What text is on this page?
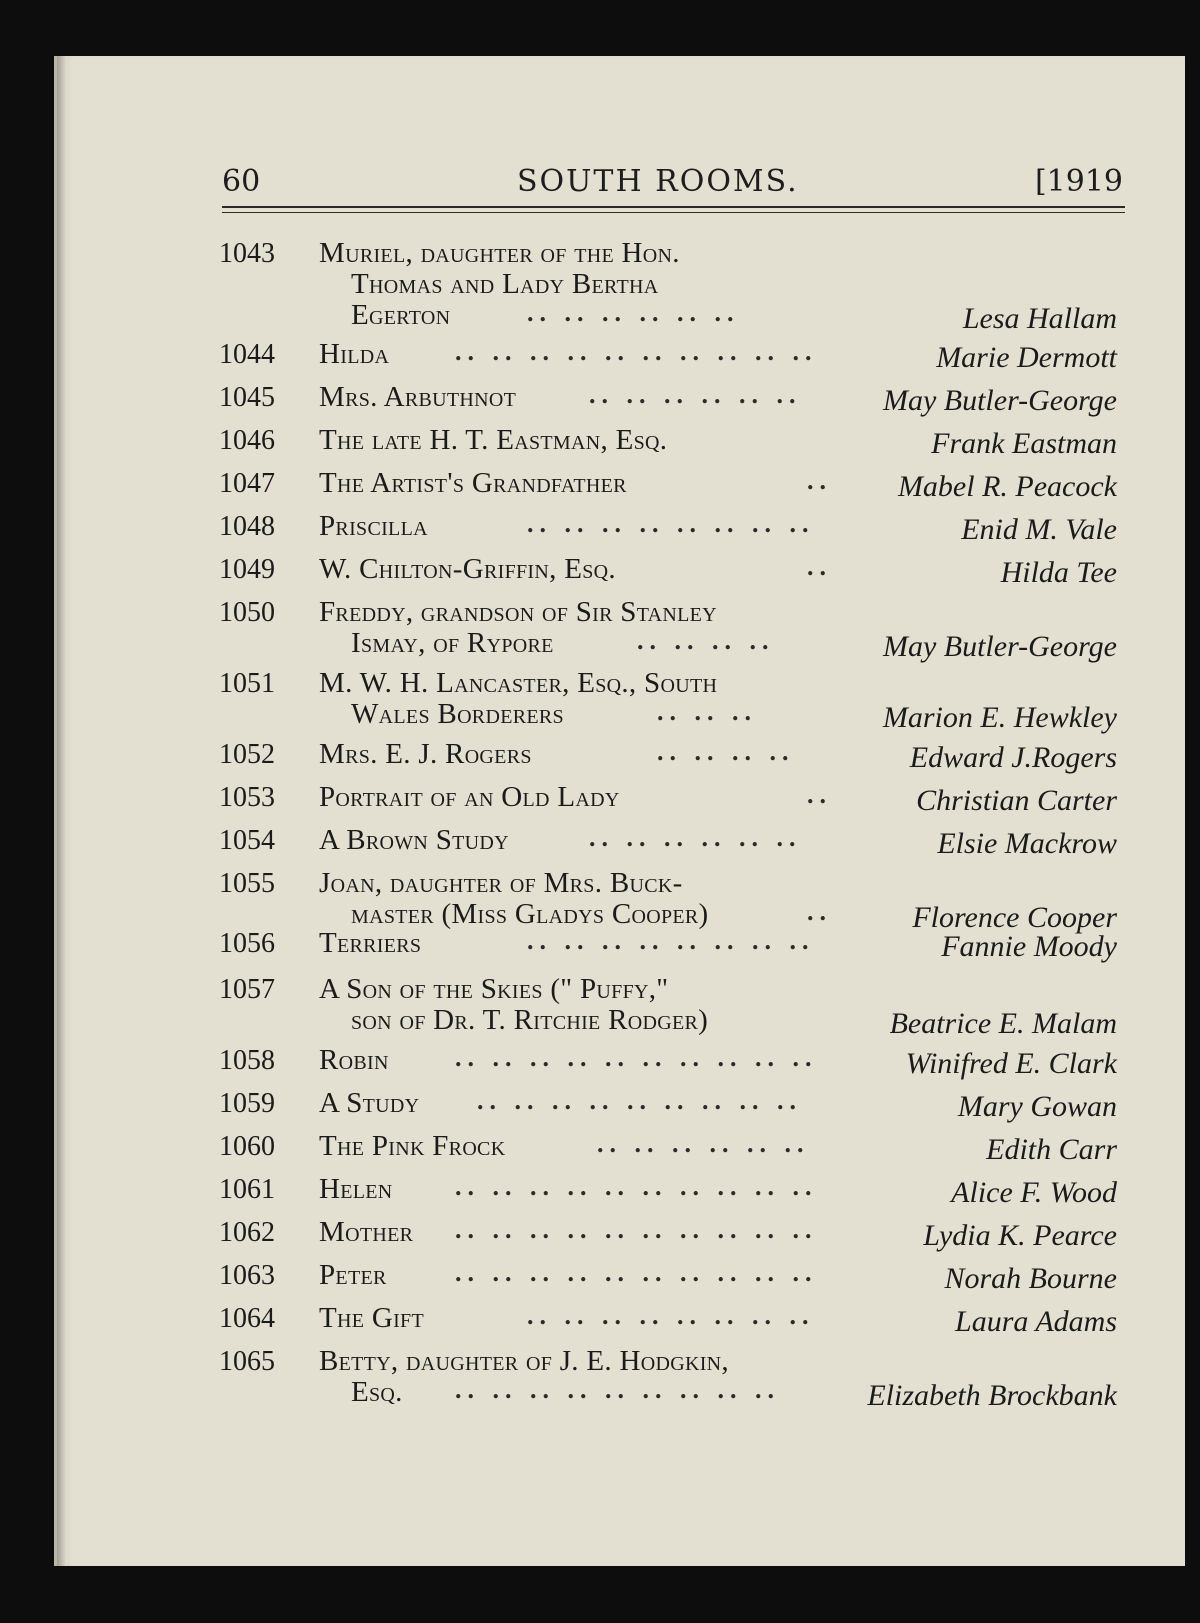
60	SOUTH ROOMS.	[1919
1043 Muriel, daughter of the Hon.

Thomas and Lady Bertha
Egerton	.. .. .. .. .. ..	Lesa Hallam
1044 Hilda	.. .. .. .. .. .. .. .. .. ..	Marie Dermott
1045 Mrs. Arbuthnot	.. .. .. .. .. ..	May Butler-George
1046 The late H. T. Eastman, Esq.	Frank Eastman
1047 The Artist's Grandfather	.. Mabel R. Peacock
1048 Priscilla	.. .. .. .. .. .. .. ..	Enid M. Vale
1049 W. Chilton-Griffin, Esq.	..	Hilda Tee
1050 Freddy, grandson of Sir Stanley

Ismay, of Rypore	.. .. .. ..	May Butler-George
1051 M. W. H. Lancaster, Esq., South

Wales Borderers	.. .. ..	Marion E. Hewkley
1052 Mrs. E. J. Rogers	.. .. .. ..	Edward J.Rogers
1053 Portrait of an Old Lady	..	Christian Carter
1054 A Brown Study	.. .. .. .. .. ..	Elsie Mackrow
1055 Joan, daughter of Mrs. Buck-

master (Miss Gladys Cooper)	..	Florence Cooper
1056 Terriers	.. .. .. .. .. .. .. ..	Fannie Moody
1057 A Son of the Skies (" Puffy,"

son of Dr. T. Ritchie Rodger)	Beatrice E. Malam
1058 Robin	.. .. .. .. .. .. .. .. .. ..	Winifred E. Clark
1059 A Study	.. .. .. .. .. .. .. .. ..	Mary Gowan
1060 The Pink Frock	.. .. .. .. .. ..	Edith Carr
1061 Helen	.. .. .. .. .. .. .. .. .. ..	Alice F. Wood
1062 Mother	.. .. .. .. .. .. .. .. .. ..	Lydia K. Pearce
1063 Peter	.. .. .. .. .. .. .. .. .. ..	Norah Bourne
1064 The Gift	.. .. .. .. .. .. .. ..	Laura Adams
1065 Betty, daughter of J. E. Hodgkin,

Esq.	.. .. .. .. .. .. .. .. ..	Elizabeth Brockbank
